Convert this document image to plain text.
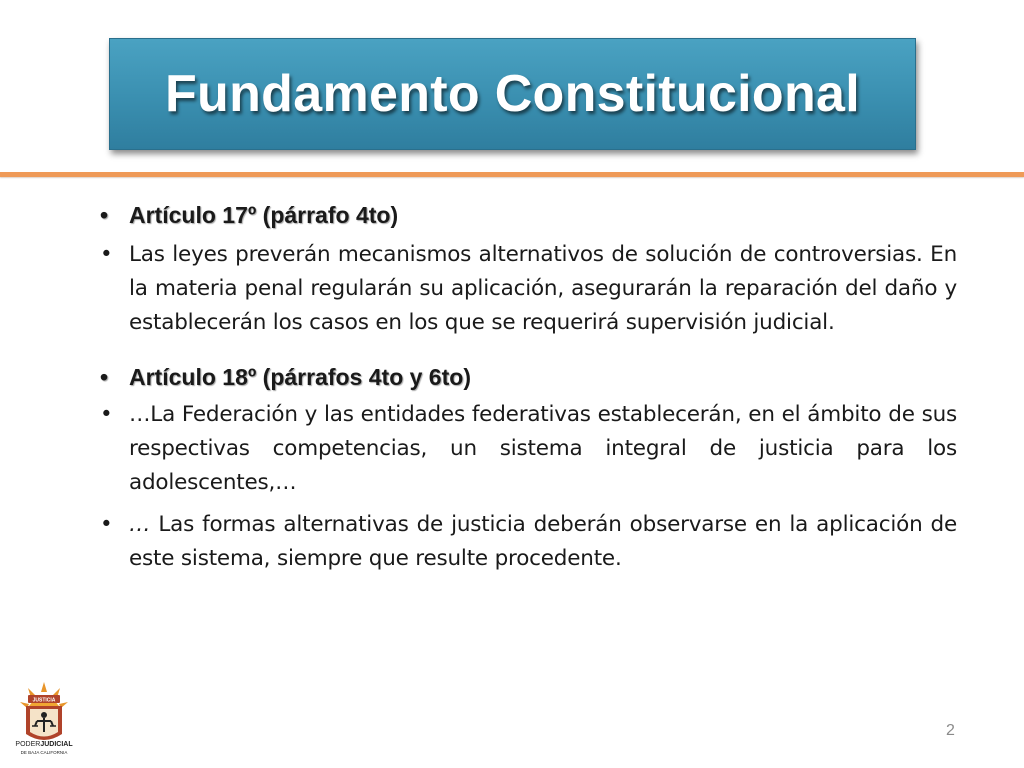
Fundamento Constitucional
• Artículo 17º (párrafo 4to)
• Las leyes preverán mecanismos alternativos de solución de controversias. En la materia penal regularán su aplicación, asegurarán la reparación del daño y establecerán los casos en los que se requerirá supervisión judicial.
• Artículo 18º (párrafos 4to y 6to)
• …La Federación y las entidades federativas establecerán, en el ámbito de sus respectivas competencias, un sistema integral de justicia para los adolescentes,…
• … Las formas alternativas de justicia deberán observarse en la aplicación de este sistema, siempre que resulte procedente.
JUSTICIA
PODERJUDICIAL
DE BAJA CALIFORNIA
2
